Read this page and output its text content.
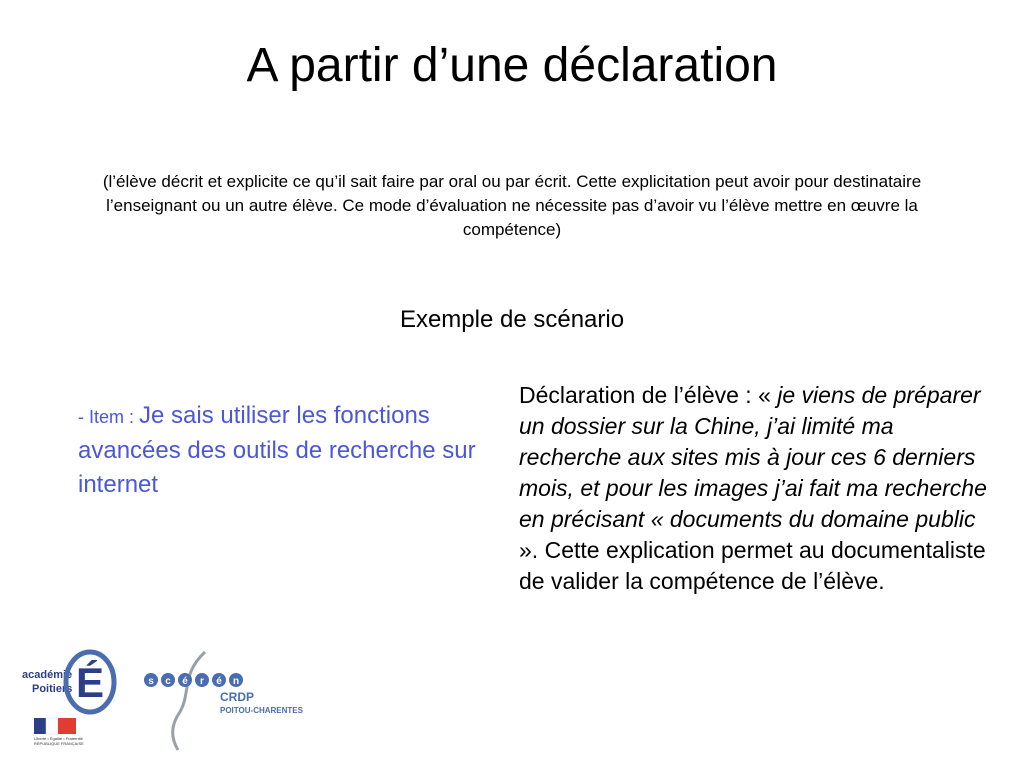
A partir d’une déclaration
(l’élève décrit et explicite ce qu’il sait faire par oral ou par écrit. Cette explicitation peut avoir pour destinataire l’enseignant ou un autre élève. Ce mode d’évaluation ne nécessite pas d’avoir vu l’élève mettre en œuvre la compétence)
Exemple de scénario
- Item : Je sais utiliser les fonctions avancées des outils de recherche sur internet
Déclaration de l’élève : « je viens de préparer un dossier sur la Chine, j’ai limité ma recherche aux sites mis à jour ces 6 derniers mois, et pour les images j’ai fait ma recherche en précisant « documents du domaine public ». Cette explication permet au documentaliste de valider la compétence de l’élève.
académie
Poitiers É
Liberté • Égalité • Fraternité
RÉPUBLIQUE FRANÇAISE
s c é r é n
CRDP
POITOU-CHARENTES
